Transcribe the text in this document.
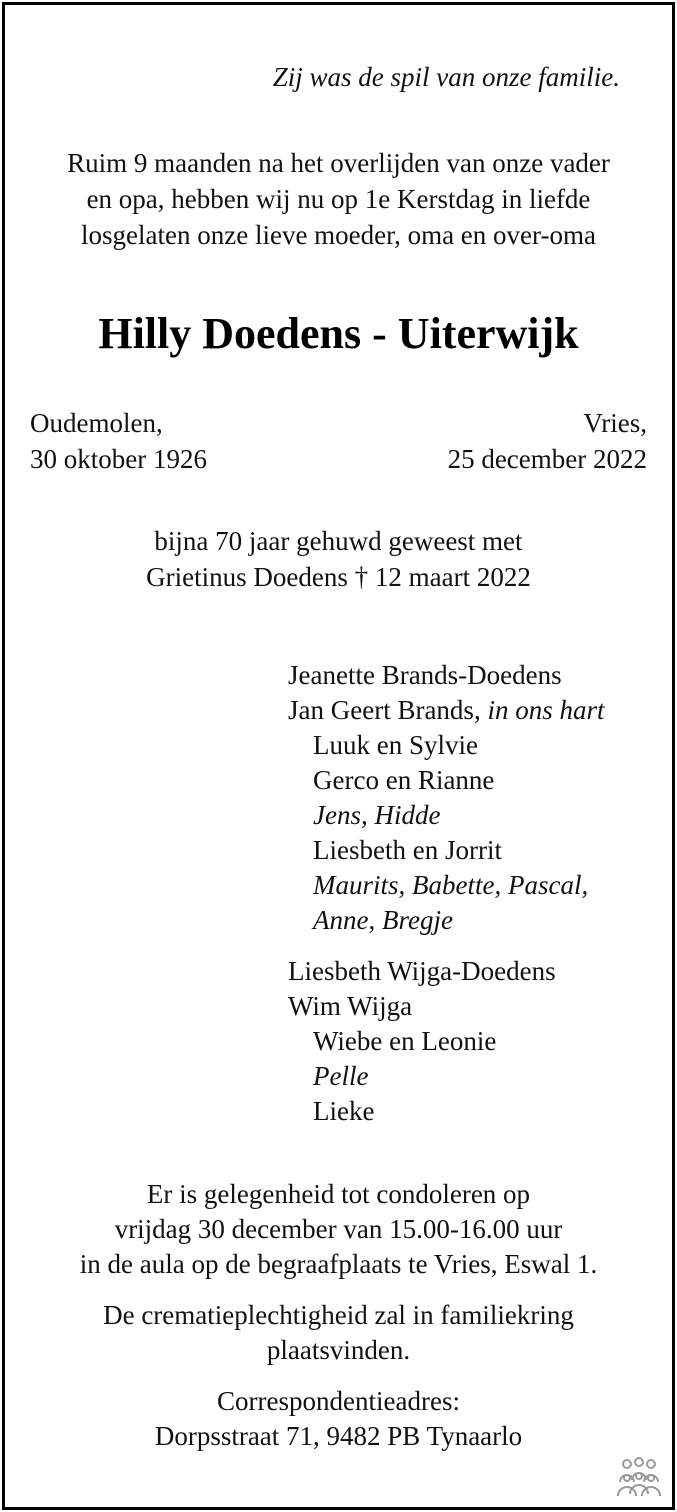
Zij was de spil van onze familie.
Ruim 9 maanden na het overlijden van onze vader
en opa, hebben wij nu op 1e Kerstdag in liefde
losgelaten onze lieve moeder, oma en over-oma
Hilly Doedens - Uiterwijk
Oudemolen,
30 oktober 1926
Vries,
25 december 2022
bijna 70 jaar gehuwd geweest met
Grietinus Doedens † 12 maart 2022
Jeanette Brands-Doedens
Jan Geert Brands, in ons hart
Luuk en Sylvie
Gerco en Rianne
Jens, Hidde
Liesbeth en Jorrit
Maurits, Babette, Pascal,
Anne, Bregje
Liesbeth Wijga-Doedens
Wim Wijga
Wiebe en Leonie
Pelle
Lieke
Er is gelegenheid tot condoleren op
vrijdag 30 december van 15.00-16.00 uur
in de aula op de begraafplaats te Vries, Eswal 1.
De crematieplechtigheid zal in familiekring
plaatsvinden.
Correspondentieadres:
Dorpsstraat 71, 9482 PB Tynaarlo
